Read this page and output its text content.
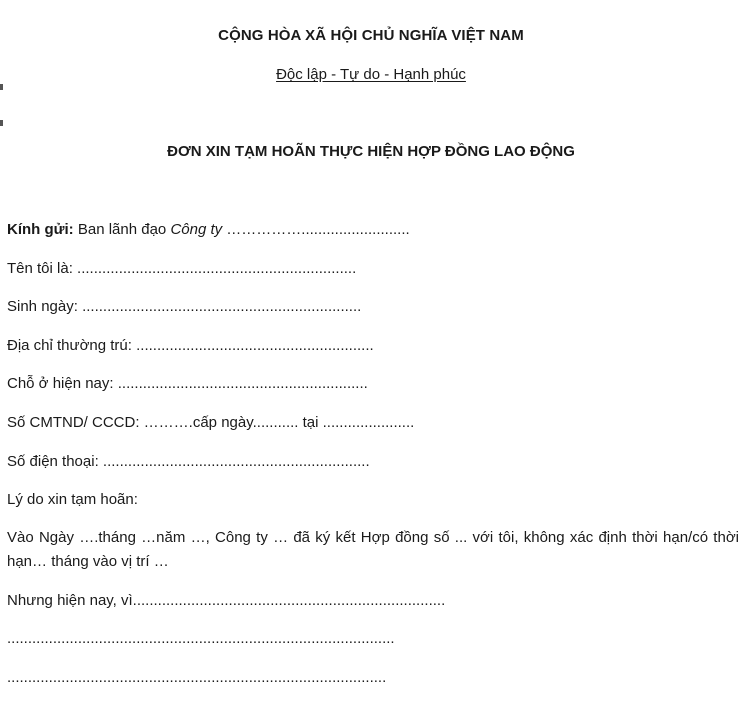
CỘNG HÒA XÃ HỘI CHỦ NGHĨA VIỆT NAM
Độc lập - Tự do - Hạnh phúc
ĐƠN XIN TẠM HOÃN THỰC HIỆN HỢP ĐỒNG LAO ĐỘNG
Kính gửi: Ban lãnh đạo Công ty ……………..........................
Tên tôi là: ...................................................................
Sinh ngày: ...................................................................
Địa chỉ thường trú: .........................................................
Chỗ ở hiện nay: ............................................................
Số CMTND/ CCCD: ……….cấp ngày........... tại ......................
Số điện thoại: ................................................................
Lý do xin tạm hoãn:
Vào Ngày ….tháng …năm …, Công ty … đã ký kết Hợp đồng số ... với tôi, không xác định thời hạn/có thời hạn… tháng vào vị trí …
Nhưng hiện nay, vì...........................................................................
.............................................................................................
...........................................................................................
